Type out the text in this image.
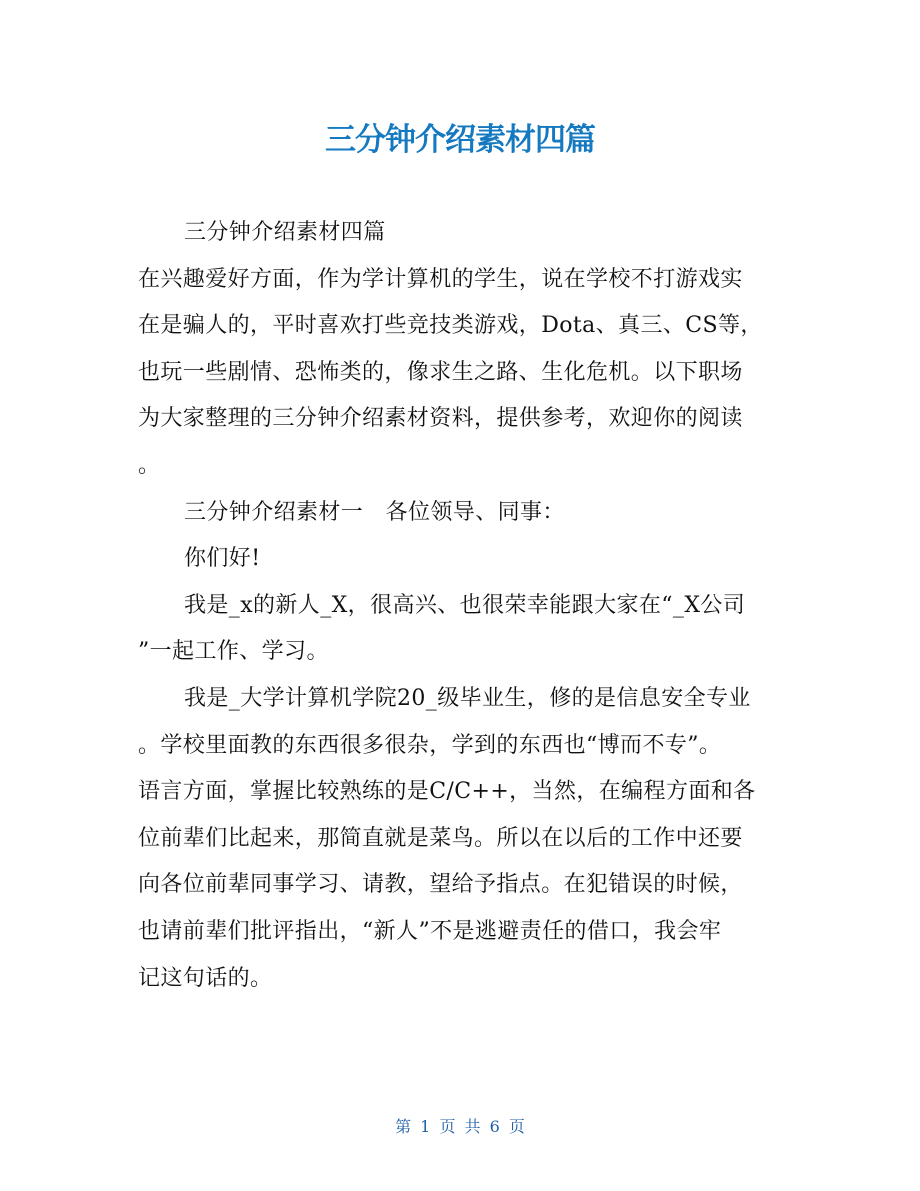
三分钟介绍素材四篇
三分钟介绍素材四篇
在兴趣爱好方面，作为学计算机的学生，说在学校不打游戏实
在是骗人的，平时喜欢打些竞技类游戏，Dota、真三、CS等，
也玩一些剧情、恐怖类的，像求生之路、生化危机。以下职场
为大家整理的三分钟介绍素材资料，提供参考，欢迎你的阅读
。
三分钟介绍素材一　各位领导、同事：
你们好!
我是_x的新人_X，很高兴、也很荣幸能跟大家在“_X公司
”一起工作、学习。
我是_大学计算机学院20_级毕业生，修的是信息安全专业
。学校里面教的东西很多很杂，学到的东西也“博而不专”。
语言方面，掌握比较熟练的是C/C++，当然，在编程方面和各
位前辈们比起来，那简直就是菜鸟。所以在以后的工作中还要
向各位前辈同事学习、请教，望给予指点。在犯错误的时候，
也请前辈们批评指出，“新人”不是逃避责任的借口，我会牢
记这句话的。
第 1 页 共 6 页
